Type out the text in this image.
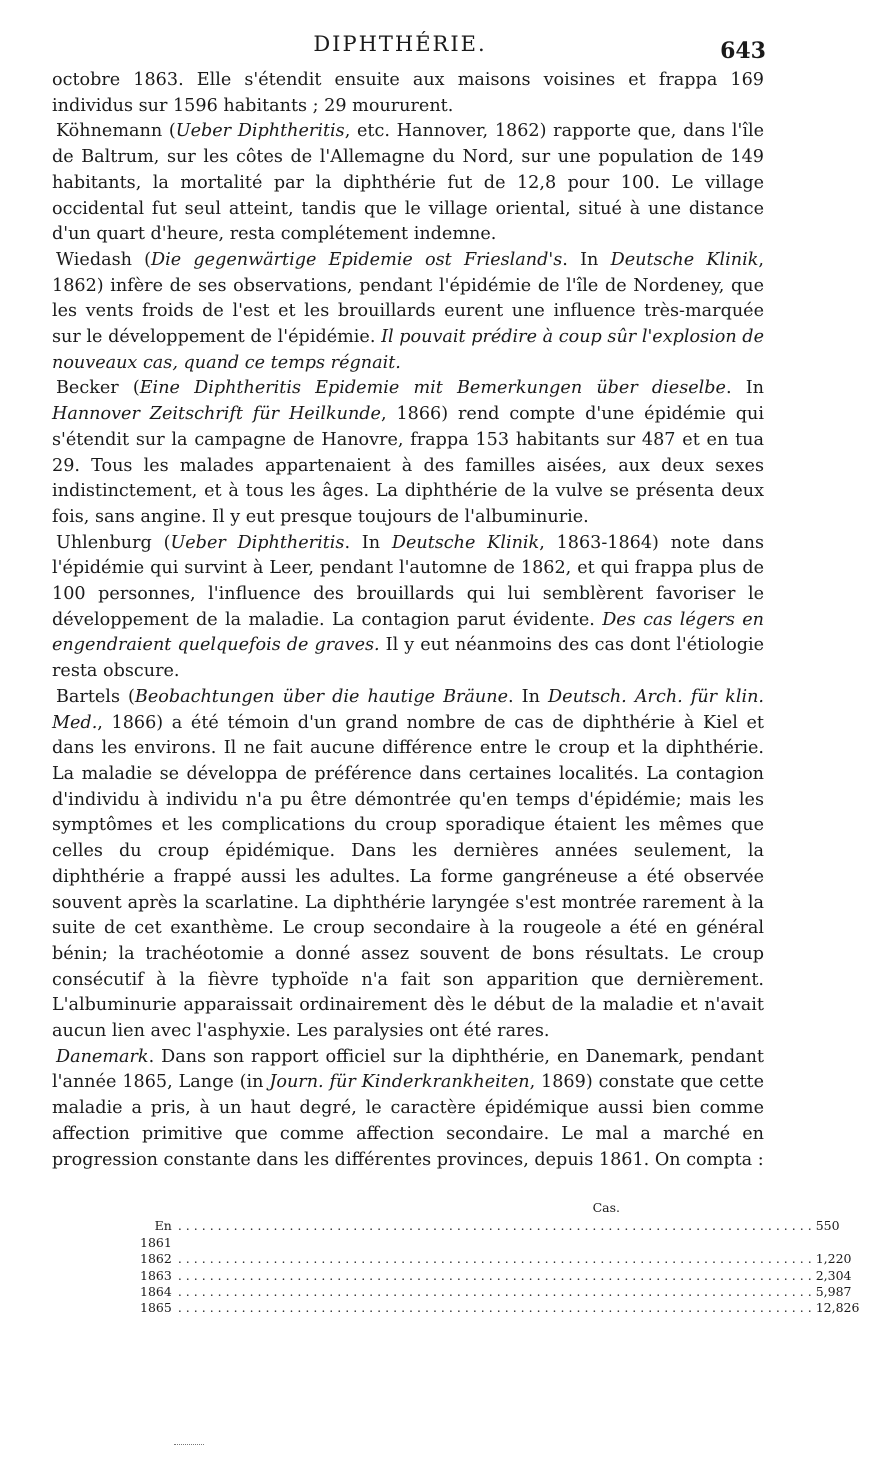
DIPHTHÉRIE.	643

octobre 1863. Elle s'étendit ensuite aux maisons voisines et frappa 169 individus sur 1596 habitants ; 29 moururent.

Köhnemann (Ueber Diphtheritis, etc. Hannover, 1862) rapporte que, dans l'île de Baltrum, sur les côtes de l'Allemagne du Nord, sur une population de 149 habitants, la mortalité par la diphthérie fut de 12,8 pour 100. Le village occidental fut seul atteint, tandis que le village oriental, situé à une distance d'un quart d'heure, resta complétement indemne.

Wiedash (Die gegenwärtige Epidemie ost Friesland's. In Deutsche Klinik, 1862) infère de ses observations, pendant l'épidémie de l'île de Nordeney, que les vents froids de l'est et les brouillards eurent une influence très-marquée sur le développement de l'épidémie. Il pouvait prédire à coup sûr l'explosion de nouveaux cas, quand ce temps régnait.

Becker (Eine Diphtheritis Epidemie mit Bemerkungen über dieselbe. In Hannover Zeitschrift für Heilkunde, 1866) rend compte d'une épidémie qui s'étendit sur la campagne de Hanovre, frappa 153 habitants sur 487 et en tua 29. Tous les malades appartenaient à des familles aisées, aux deux sexes indistinctement, et à tous les âges. La diphthérie de la vulve se présenta deux fois, sans angine. Il y eut presque toujours de l'albuminurie.

Uhlenburg (Ueber Diphtheritis. In Deutsche Klinik, 1863-1864) note dans l'épidémie qui survint à Leer, pendant l'automne de 1862, et qui frappa plus de 100 personnes, l'influence des brouillards qui lui semblèrent favoriser le développement de la maladie. La contagion parut évidente. Des cas légers en engendraient quelquefois de graves. Il y eut néanmoins des cas dont l'étiologie resta obscure.

Bartels (Beobachtungen über die hautige Bräune. In Deutsch. Arch. für klin. Med., 1866) a été témoin d'un grand nombre de cas de diphthérie à Kiel et dans les environs. Il ne fait aucune différence entre le croup et la diphthérie. La maladie se développa de préférence dans certaines localités. La contagion d'individu à individu n'a pu être démontrée qu'en temps d'épidémie; mais les symptômes et les complications du croup sporadique étaient les mêmes que celles du croup épidémique. Dans les dernières années seulement, la diphthérie a frappé aussi les adultes. La forme gangréneuse a été observée souvent après la scarlatine. La diphthérie laryngée s'est montrée rarement à la suite de cet exanthème. Le croup secondaire à la rougeole a été en général bénin; la trachéotomie a donné assez souvent de bons résultats. Le croup consécutif à la fièvre typhoïde n'a fait son apparition que dernièrement. L'albuminurie apparaissait ordinairement dès le début de la maladie et n'avait aucun lien avec l'asphyxie. Les paralysies ont été rares.

Danemark. Dans son rapport officiel sur la diphthérie, en Danemark, pendant l'année 1865, Lange (in Journ. für Kinderkrankheiten, 1869) constate que cette maladie a pris, à un haut degré, le caractère épidémique aussi bien comme affection primitive que comme affection secondaire. Le mal a marché en progression constante dans les différentes provinces, depuis 1861. On compta :

Cas.
En 1861
................................................................................ 550
1862 ................................................................................ 1,220
1863 ................................................................................ 2,304
1864 ................................................................................ 5,987
1865 ................................................................................ 12,826
